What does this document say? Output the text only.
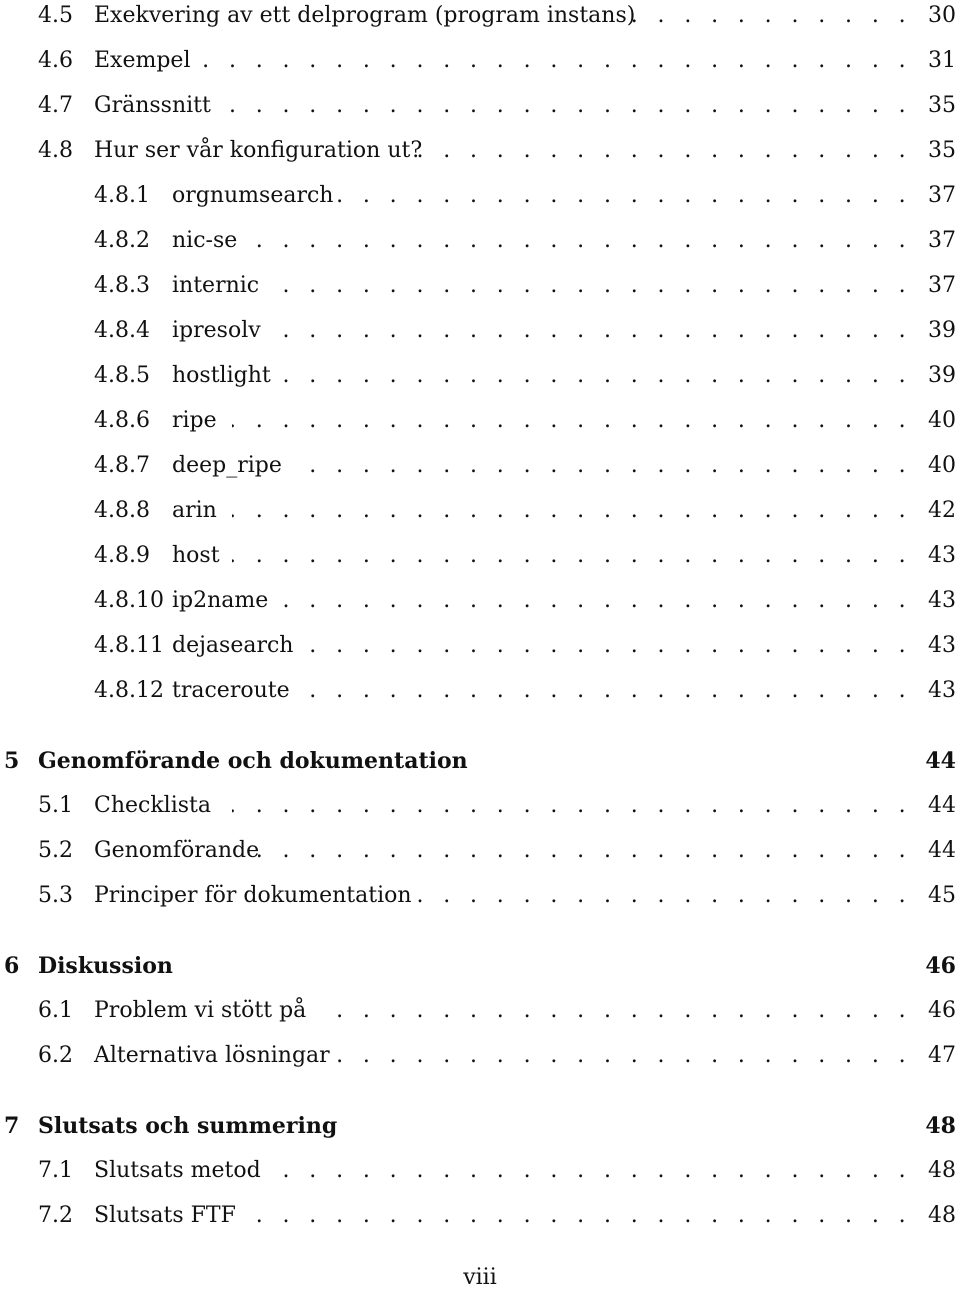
4.5 Exekvering av ett delprogram (program instans) . . .	30
4.6 Exempel . . .	31
4.7 Gränssnitt . . .	35
4.8 Hur ser vår konfiguration ut? . . .	35
4.8.1 orgnumsearch . . .	37
4.8.2 nic-se . . .	37
4.8.3 internic . . .	37
4.8.4 ipresolv . . .	39
4.8.5 hostlight . . .	39
4.8.6 ripe . . .	40
4.8.7 deep_ripe . . .	40
4.8.8 arin . . .	42
4.8.9 host . . .	43
4.8.10 ip2name . . .	43
4.8.11 dejasearch . . .	43
4.8.12 traceroute . . .	43
5 Genomförande och dokumentation	44
5.1 Checklista . . .	44
5.2 Genomförande . . .	44
5.3 Principer för dokumentation . . .	45
6 Diskussion	46
6.1 Problem vi stött på . . .	46
6.2 Alternativa lösningar . . .	47
7 Slutsats och summering	48
7.1 Slutsats metod . . .	48
7.2 Slutsats FTF . . .	48
viii
